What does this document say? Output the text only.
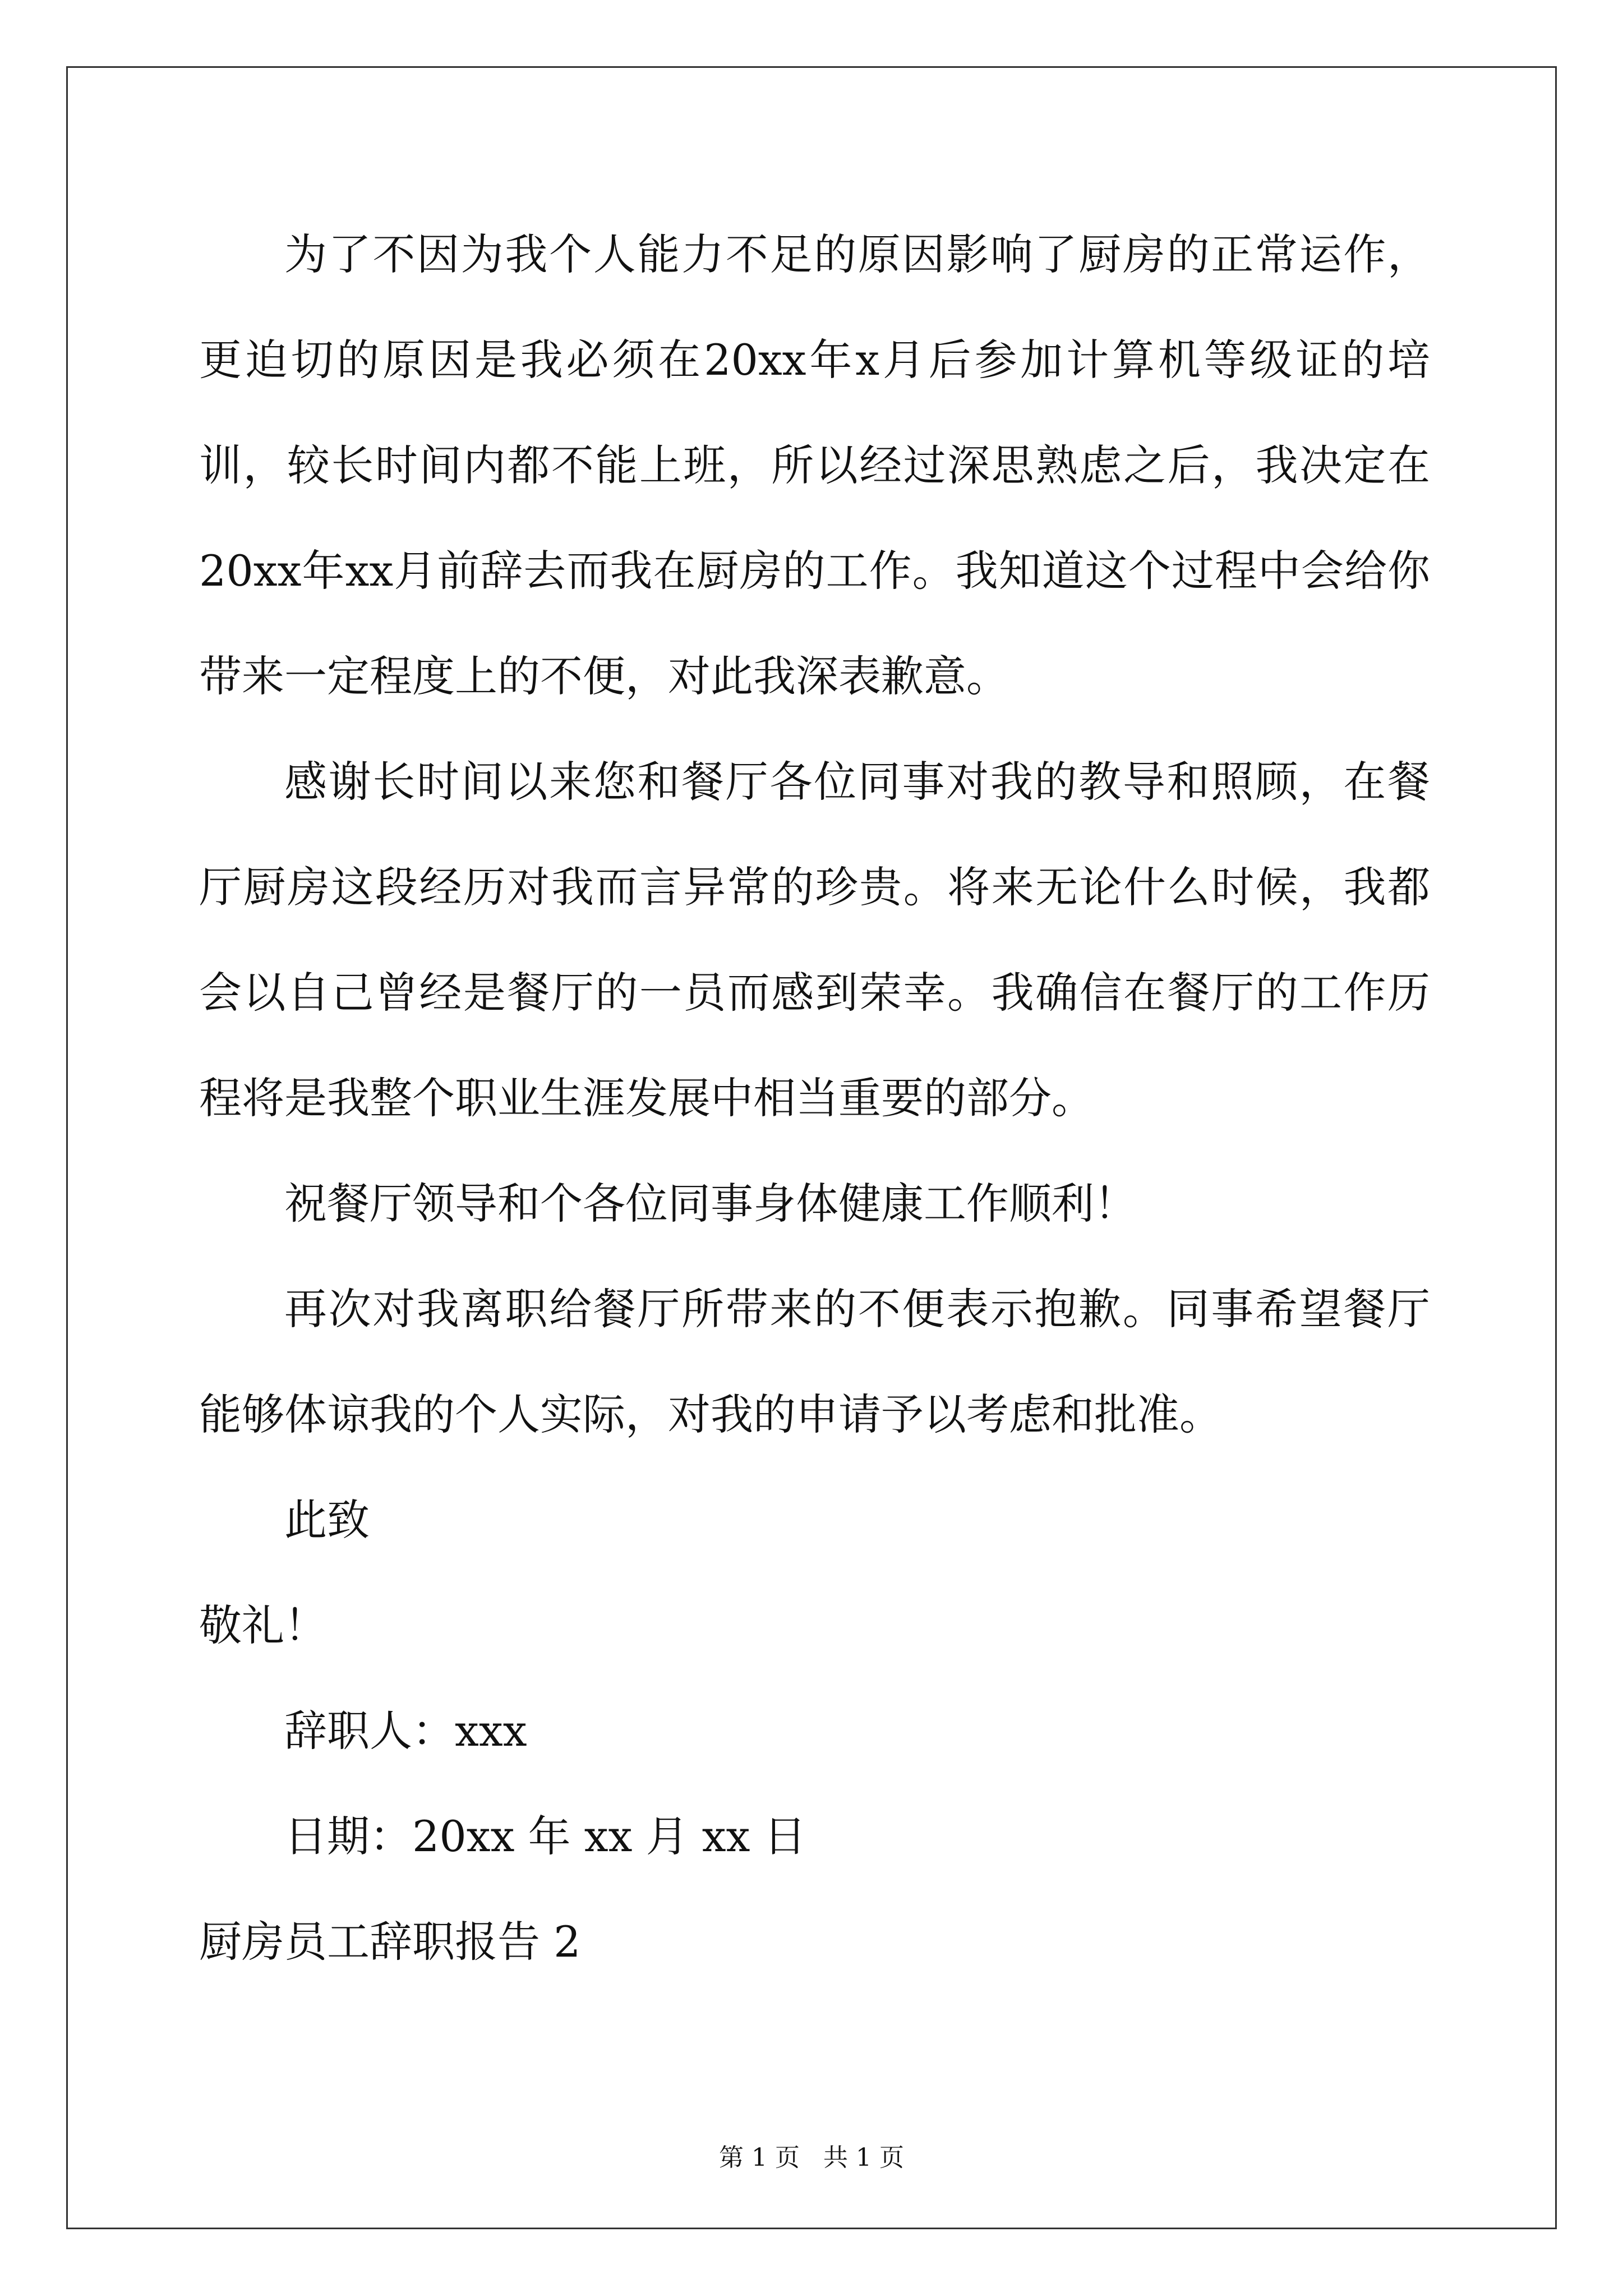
为了不因为我个人能力不足的原因影响了厨房的正常运作，更迫切的原因是我必须在20xx年x月后参加计算机等级证的培训，较长时间内都不能上班，所以经过深思熟虑之后，我决定在20xx年xx月前辞去而我在厨房的工作。我知道这个过程中会给你带来一定程度上的不便，对此我深表歉意。

感谢长时间以来您和餐厅各位同事对我的教导和照顾，在餐厅厨房这段经历对我而言异常的珍贵。将来无论什么时候，我都会以自己曾经是餐厅的一员而感到荣幸。我确信在餐厅的工作历程将是我整个职业生涯发展中相当重要的部分。

祝餐厅领导和个各位同事身体健康工作顺利！

再次对我离职给餐厅所带来的不便表示抱歉。同事希望餐厅能够体谅我的个人实际，对我的申请予以考虑和批准。

此致

敬礼！

辞职人：xxx

日期：20xx 年 xx 月 xx 日

厨房员工辞职报告 2

第 1 页   共 1 页
